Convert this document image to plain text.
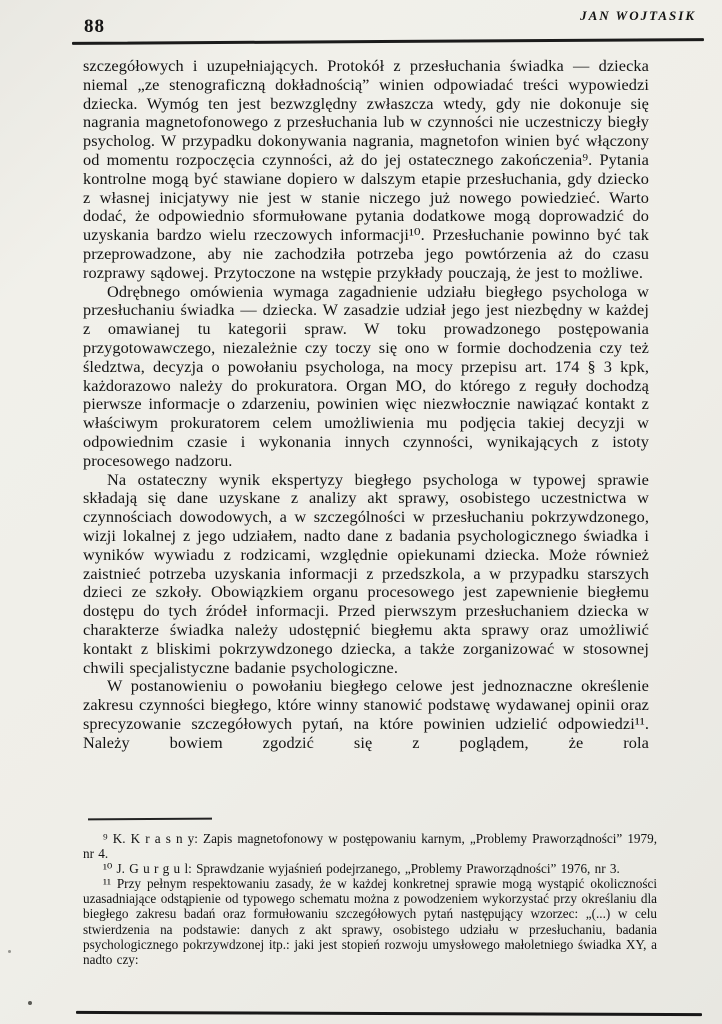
88
JAN WOJTASIK

szczegółowych i uzupełniających. Protokół z przesłuchania świadka — dziecka niemal „ze stenograficzną dokładnością” winien odpowiadać treści wypowiedzi dziecka. Wymóg ten jest bezwzględny zwłaszcza wtedy, gdy nie dokonuje się nagrania magnetofonowego z przesłuchania lub w czynności nie uczestniczy biegły psycholog. W przypadku dokonywania nagrania, magnetofon winien być włączony od momentu rozpoczęcia czynności, aż do jej ostatecznego zakończenia⁹. Pytania kontrolne mogą być stawiane dopiero w dalszym etapie przesłuchania, gdy dziecko z własnej inicjatywy nie jest w stanie niczego już nowego powiedzieć. Warto dodać, że odpowiednio sformułowane pytania dodatkowe mogą doprowadzić do uzyskania bardzo wielu rzeczowych informacji¹⁰. Przesłuchanie powinno być tak przeprowadzone, aby nie zachodziła potrzeba jego powtórzenia aż do czasu rozprawy sądowej. Przytoczone na wstępie przykłady pouczają, że jest to możliwe.

Odrębnego omówienia wymaga zagadnienie udziału biegłego psychologa w przesłuchaniu świadka — dziecka. W zasadzie udział jego jest niezbędny w każdej z omawianej tu kategorii spraw. W toku prowadzonego postępowania przygotowawczego, niezależnie czy toczy się ono w formie dochodzenia czy też śledztwa, decyzja o powołaniu psychologa, na mocy przepisu art. 174 § 3 kpk, każdorazowo należy do prokuratora. Organ MO, do którego z reguły dochodzą pierwsze informacje o zdarzeniu, powinien więc niezwłocznie nawiązać kontakt z właściwym prokuratorem celem umożliwienia mu podjęcia takiej decyzji w odpowiednim czasie i wykonania innych czynności, wynikających z istoty procesowego nadzoru.

Na ostateczny wynik ekspertyzy biegłego psychologa w typowej sprawie składają się dane uzyskane z analizy akt sprawy, osobistego uczestnictwa w czynnościach dowodowych, a w szczególności w przesłuchaniu pokrzywdzonego, wizji lokalnej z jego udziałem, nadto dane z badania psychologicznego świadka i wyników wywiadu z rodzicami, względnie opiekunami dziecka. Może również zaistnieć potrzeba uzyskania informacji z przedszkola, a w przypadku starszych dzieci ze szkoły. Obowiązkiem organu procesowego jest zapewnienie biegłemu dostępu do tych źródeł informacji. Przed pierwszym przesłuchaniem dziecka w charakterze świadka należy udostępnić biegłemu akta sprawy oraz umożliwić kontakt z bliskimi pokrzywdzonego dziecka, a także zorganizować w stosownej chwili specjalistyczne badanie psychologiczne.

W postanowieniu o powołaniu biegłego celowe jest jednoznaczne określenie zakresu czynności biegłego, które winny stanowić podstawę wydawanej opinii oraz sprecyzowanie szczegółowych pytań, na które powinien udzielić odpowiedzi¹¹. Należy bowiem zgodzić się z poglądem, że rola

⁹ K. K r a s n y: Zapis magnetofonowy w postępowaniu karnym, „Problemy Praworządności” 1979, nr 4.

¹⁰ J. G u r g u l: Sprawdzanie wyjaśnień podejrzanego, „Problemy Praworządności” 1976, nr 3.

¹¹ Przy pełnym respektowaniu zasady, że w każdej konkretnej sprawie mogą wystąpić okoliczności uzasadniające odstąpienie od typowego schematu można z powodzeniem wykorzystać przy określaniu dla biegłego zakresu badań oraz formułowaniu szczegółowych pytań następujący wzorzec: „(...) w celu stwierdzenia na podstawie: danych z akt sprawy, osobistego udziału w przesłuchaniu, badania psychologicznego pokrzywdzonej itp.: jaki jest stopień rozwoju umysłowego małoletniego świadka XY, a nadto czy:
